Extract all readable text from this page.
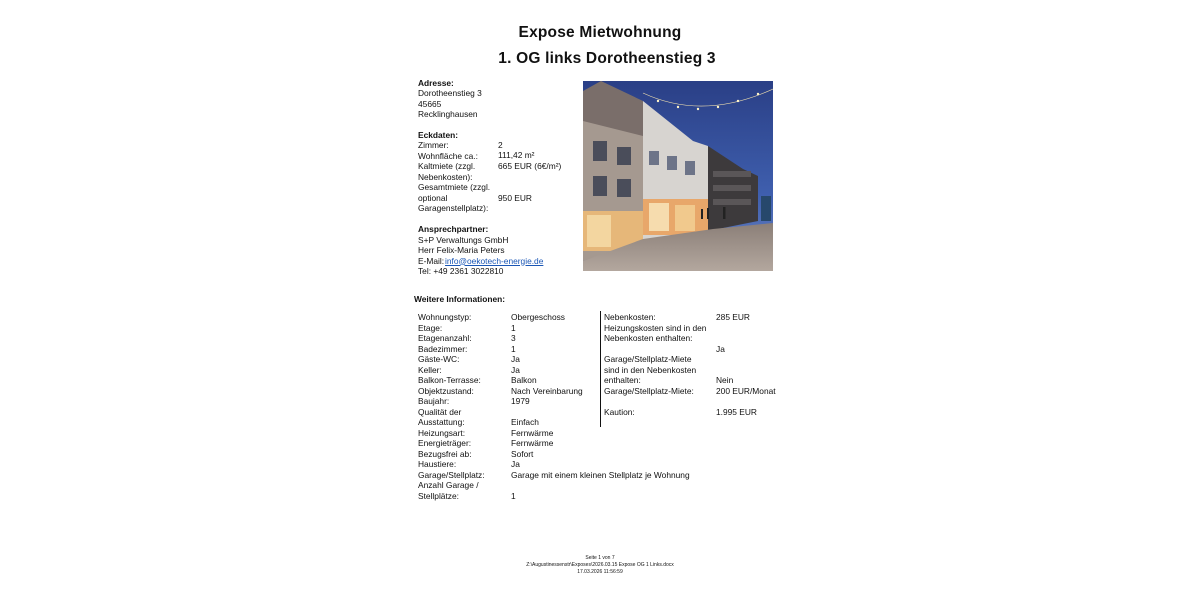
Expose Mietwohnung
1. OG links Dorotheenstieg 3
Adresse:
Dorotheenstieg 3
45665
Recklinghausen
Eckdaten:
Zimmer:	2
Wohnfläche ca.: 111,42 m²
Kaltmiete (zzgl.
Nebenkosten):
665 EUR (6€/m²)
Gesamtmiete (zzgl.
optional
Garagenstellplatz):
950 EUR
Ansprechpartner:
S+P Verwaltungs GmbH
Herr Felix-Maria Peters
E-Mail: info@oekotech-energie.de
Tel: +49 2361 3022810
Weitere Informationen:
Wohnungstyp:	Obergeschoss
Etage:	1
Etagenanzahl:	3
Badezimmer:	1
Gäste-WC:	Ja
Keller:	Ja
Balkon-Terrasse:	Balkon
Objektzustand:	Nach Vereinbarung
Baujahr:	1979
Qualität der
Ausstattung:	Einfach
Heizungsart:	Fernwärme
Energieträger:	Fernwärme
Bezugsfrei ab:	Sofort
Haustiere:	Ja
Garage/Stellplatz:	Garage mit einem kleinen Stellplatz je Wohnung
Anzahl Garage /
Stellplätze:	1
Nebenkosten:	285 EUR
Heizungskosten sind in den
Nebenkosten enthalten:
Ja
Garage/Stellplatz-Miete
sind in den Nebenkosten
enthalten:	Nein
Garage/Stellplatz-Miete:	200 EUR/Monat
Kaution:	1.995 EUR
Seite 1 von 7
Z:\Augustinessenstr\Exposes\2026.03.15 Expose OG 1 Links.docx
17.03.2026 11:56:59
